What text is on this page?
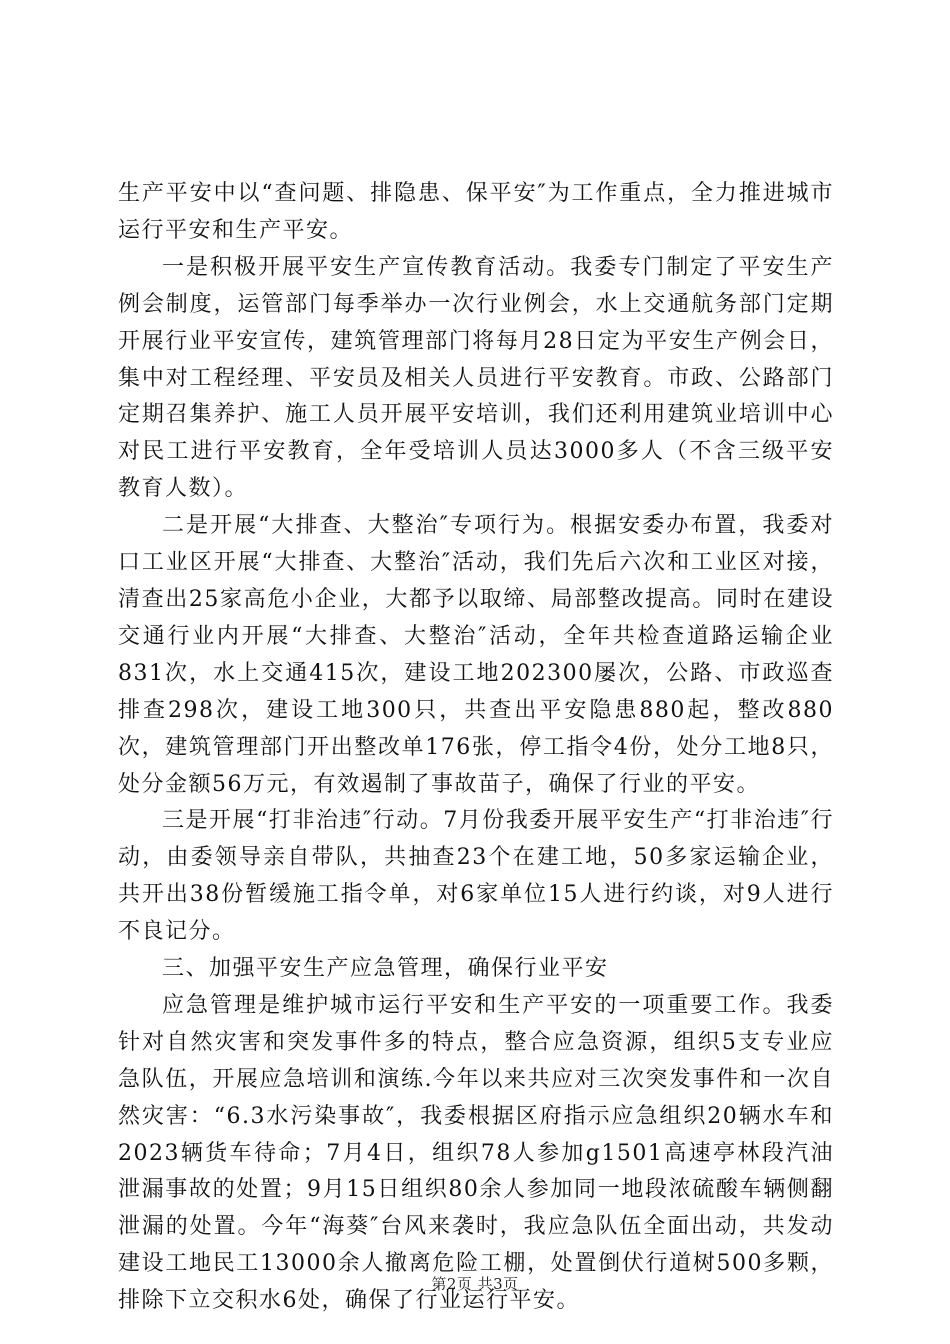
生产平安中以“查问题、排隐患、保平安″为工作重点，全力推进城市运行平安和生产平安。

一是积极开展平安生产宣传教育活动。我委专门制定了平安生产例会制度，运管部门每季举办一次行业例会，水上交通航务部门定期开展行业平安宣传，建筑管理部门将每月28日定为平安生产例会日，集中对工程经理、平安员及相关人员进行平安教育。市政、公路部门定期召集养护、施工人员开展平安培训，我们还利用建筑业培训中心对民工进行平安教育，全年受培训人员达3000多人（不含三级平安教育人数）。

二是开展“大排查、大整治″专项行为。根据安委办布置，我委对口工业区开展“大排查、大整治″活动，我们先后六次和工业区对接，清查出25家高危小企业，大都予以取缔、局部整改提高。同时在建设交通行业内开展“大排查、大整治″活动，全年共检查道路运输企业831次，水上交通415次，建设工地202300屡次，公路、市政巡查排查298次，建设工地300只，共查出平安隐患880起，整改880次，建筑管理部门开出整改单176张，停工指令4份，处分工地8只，处分金额56万元，有效遏制了事故苗子，确保了行业的平安。

三是开展“打非治违″行动。7月份我委开展平安生产“打非治违″行动，由委领导亲自带队，共抽查23个在建工地，50多家运输企业，共开出38份暂缓施工指令单，对6家单位15人进行约谈，对9人进行不良记分。

三、加强平安生产应急管理，确保行业平安

应急管理是维护城市运行平安和生产平安的一项重要工作。我委针对自然灾害和突发事件多的特点，整合应急资源，组织5支专业应急队伍，开展应急培训和演练.今年以来共应对三次突发事件和一次自然灾害：“6.3水污染事故″，我委根据区府指示应急组织20辆水车和2023辆货车待命；7月4日，组织78人参加g1501高速亭林段汽油泄漏事故的处置；9月15日组织80余人参加同一地段浓硫酸车辆侧翻泄漏的处置。今年“海葵″台风来袭时，我应急队伍全面出动，共发动建设工地民工13000余人撤离危险工棚，处置倒伏行道树500多颗，排除下立交积水6处，确保了行业运行平安。

第2页 共3页
